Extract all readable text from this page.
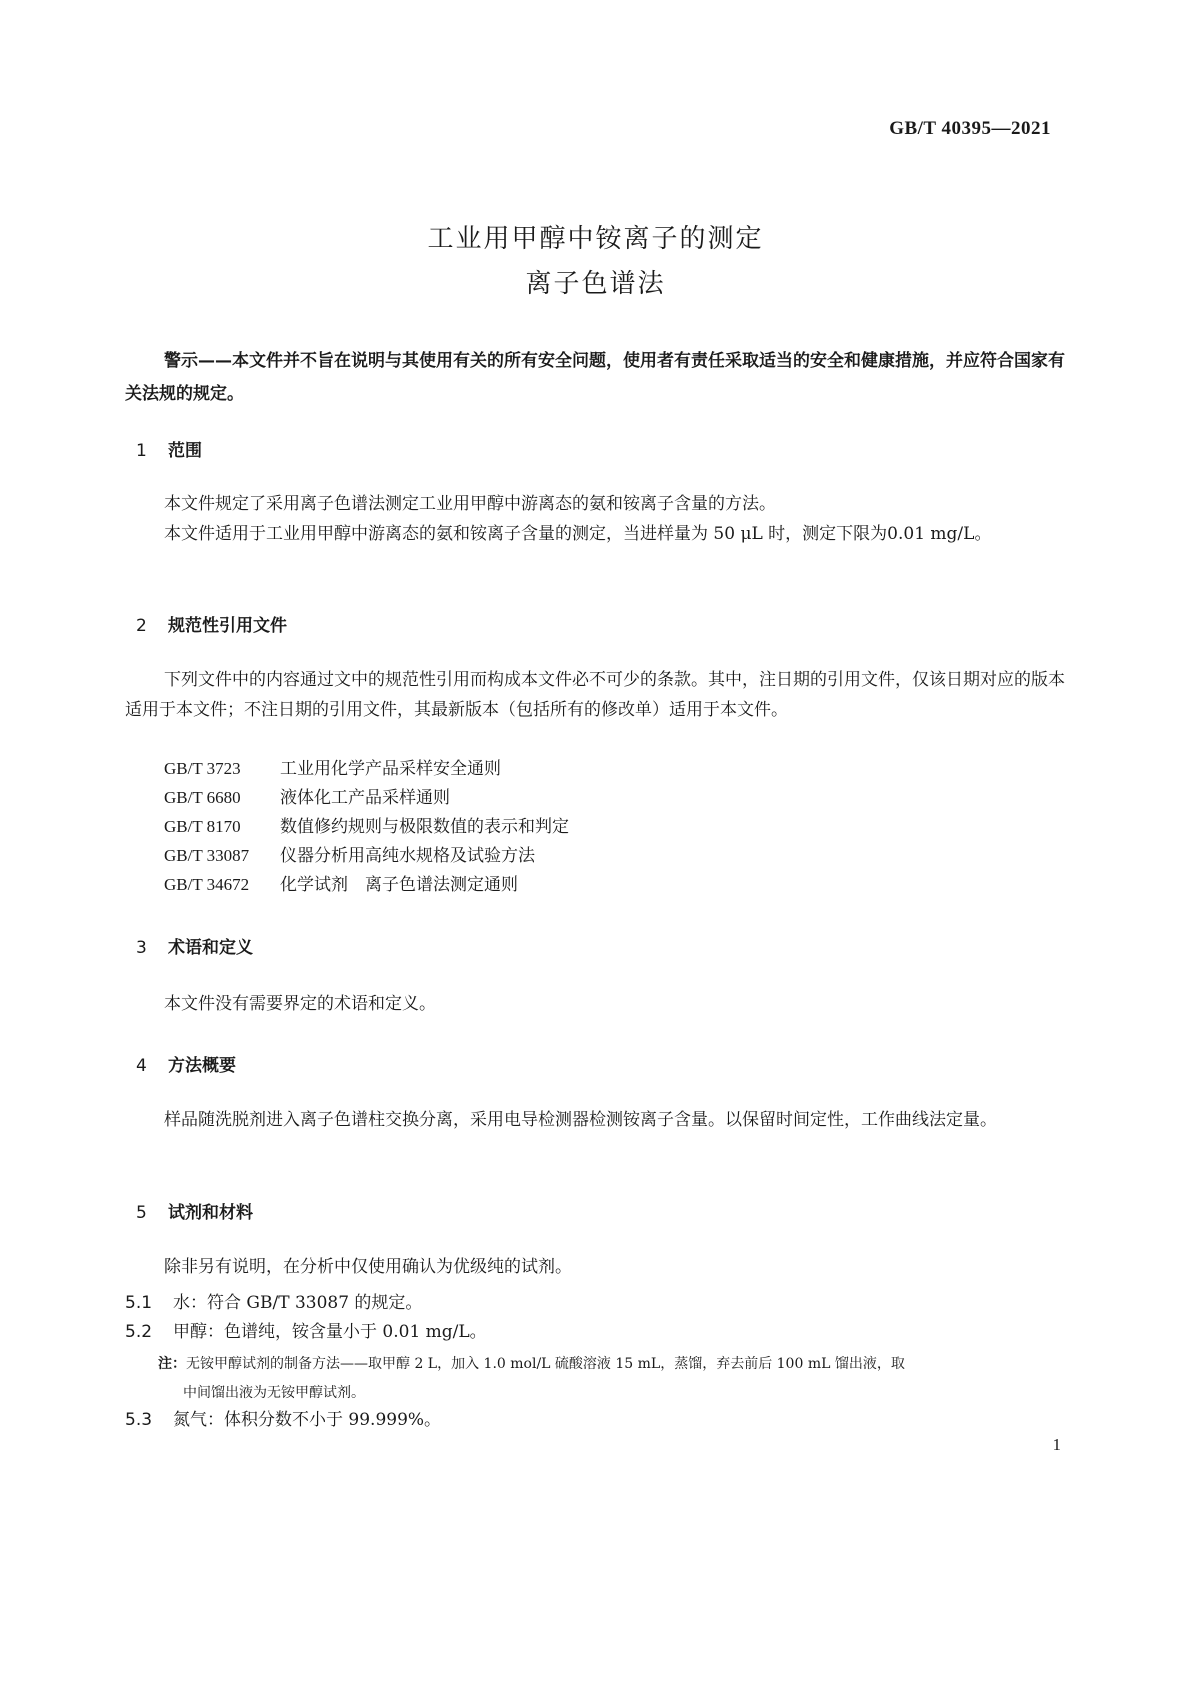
GB/T 40395—2021
工业用甲醇中铵离子的测定
离子色谱法

警示——本文件并不旨在说明与其使用有关的所有安全问题，使用者有责任采取适当的安全和健康措施，并应符合国家有关法规的规定。

1 范围

本文件规定了采用离子色谱法测定工业用甲醇中游离态的氨和铵离子含量的方法。

本文件适用于工业用甲醇中游离态的氨和铵离子含量的测定，当进样量为 50 μL 时，测定下限为0.01 mg/L。

2 规范性引用文件

下列文件中的内容通过文中的规范性引用而构成本文件必不可少的条款。其中，注日期的引用文件，仅该日期对应的版本适用于本文件；不注日期的引用文件，其最新版本（包括所有的修改单）适用于本文件。

GB/T 3723 工业用化学产品采样安全通则

GB/T 6680 液体化工产品采样通则

GB/T 8170 数值修约规则与极限数值的表示和判定

GB/T 33087 仪器分析用高纯水规格及试验方法

GB/T 34672 化学试剂　离子色谱法测定通则

3 术语和定义

本文件没有需要界定的术语和定义。

4 方法概要

样品随洗脱剂进入离子色谱柱交换分离，采用电导检测器检测铵离子含量。以保留时间定性，工作曲线法定量。

5 试剂和材料

除非另有说明，在分析中仅使用确认为优级纯的试剂。

5.1 水：符合 GB/T 33087 的规定。

5.2 甲醇：色谱纯，铵含量小于 0.01 mg/L。

注：无铵甲醇试剂的制备方法——取甲醇 2 L，加入 1.0 mol/L 硫酸溶液 15 mL，蒸馏，弃去前后 100 mL 馏出液，取
中间馏出液为无铵甲醇试剂。

5.3 氮气：体积分数不小于 99.999%。

1
